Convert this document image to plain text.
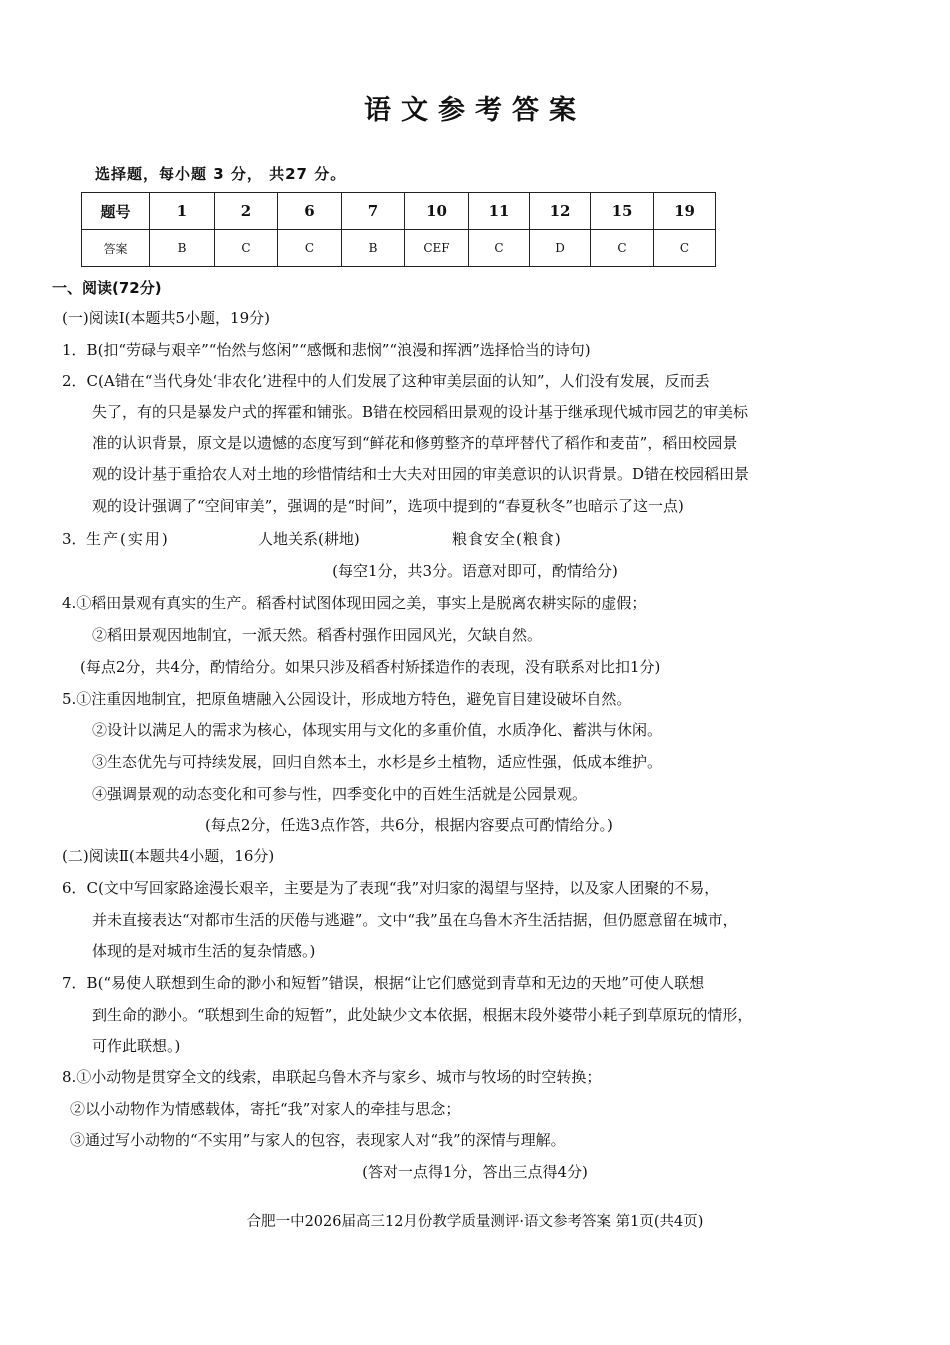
语文参考答案
选择题，每小题 3 分， 共27 分。
题号	1	2	6	7	10	11	12	15	19
答案	B	C	C	B	CEF	C	D	C	C
一、阅读(72分)
(一)阅读Ⅰ(本题共5小题，19分)
1．B(扣“劳碌与艰辛”“怡然与悠闲”“感慨和悲悯”“浪漫和挥洒”选择恰当的诗句)
2．C(A错在“当代身处‘非农化’进程中的人们发展了这种审美层面的认知”，人们没有发展，反而丢
失了，有的只是暴发户式的挥霍和铺张。B错在校园稻田景观的设计基于继承现代城市园艺的审美标
准的认识背景，原文是以遗憾的态度写到“鲜花和修剪整齐的草坪替代了稻作和麦苗”，稻田校园景
观的设计基于重拾农人对土地的珍惜情结和士大夫对田园的审美意识的认识背景。D错在校园稻田景
观的设计强调了“空间审美”，强调的是“时间”，选项中提到的“春夏秋冬”也暗示了这一点)
3． 生产(实用)	人地关系(耕地)	粮食安全(粮食)
(每空1分，共3分。语意对即可，酌情给分)
4.①稻田景观有真实的生产。稻香村试图体现田园之美，事实上是脱离农耕实际的虚假；
②稻田景观因地制宜，一派天然。稻香村强作田园风光，欠缺自然。
(每点2分，共4分，酌情给分。如果只涉及稻香村矫揉造作的表现，没有联系对比扣1分)
5.①注重因地制宜，把原鱼塘融入公园设计，形成地方特色，避免盲目建设破坏自然。
②设计以满足人的需求为核心，体现实用与文化的多重价值，水质净化、蓄洪与休闲。
③生态优先与可持续发展，回归自然本土，水杉是乡土植物，适应性强，低成本维护。
④强调景观的动态变化和可参与性，四季变化中的百姓生活就是公园景观。
(每点2分，任选3点作答，共6分，根据内容要点可酌情给分。)
(二)阅读Ⅱ(本题共4小题，16分)
6．C(文中写回家路途漫长艰辛，主要是为了表现“我”对归家的渴望与坚持，以及家人团聚的不易，
并未直接表达“对都市生活的厌倦与逃避”。文中“我”虽在乌鲁木齐生活拮据，但仍愿意留在城市，
体现的是对城市生活的复杂情感。)
7．B(“易使人联想到生命的渺小和短暂”错误，根据“让它们感觉到青草和无边的天地”可使人联想
到生命的渺小。“联想到生命的短暂”，此处缺少文本依据，根据末段外婆带小耗子到草原玩的情形，
可作此联想。)
8.①小动物是贯穿全文的线索，串联起乌鲁木齐与家乡、城市与牧场的时空转换；
②以小动物作为情感载体，寄托“我”对家人的牵挂与思念；
③通过写小动物的“不实用”与家人的包容，表现家人对“我”的深情与理解。
(答对一点得1分，答出三点得4分)
合肥一中2026届高三12月份教学质量测评·语文参考答案 第1页(共4页)
